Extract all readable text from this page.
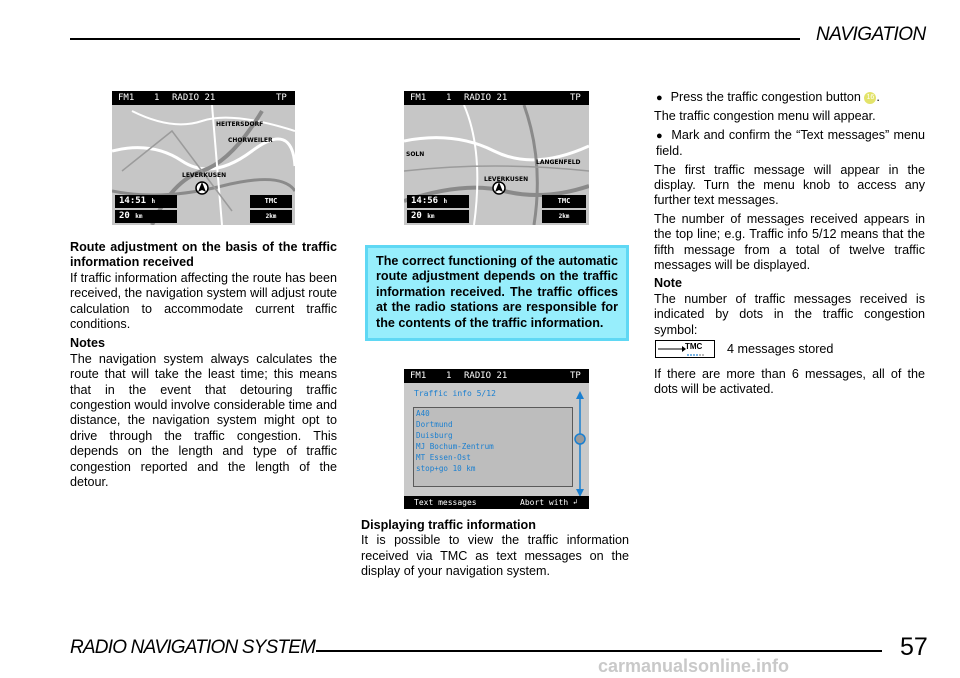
NAVIGATION
FM1 1 RADIO 21	TP
HEITERSDORF
CHORWEILER
LEVERKUSEN
14:51 h
20 km
TMC
2km
FM1 1 RADIO 21	TP
SOLN
LANGENFELD
LEVERKUSEN
14:56 h
20 km
TMC
2km

Route adjustment on the basis of the traffic information received

If traffic information affecting the route has been received, the navigation system will adjust route calculation to accommodate current traffic conditions.

Notes

The navigation system always calculates the route that will take the least time; this means that in the event that detouring traffic congestion would involve considerable time and distance, the navigation system might opt to drive through the traffic congestion. This depends on the length and type of traffic congestion reported and the length of the detour.

The correct functioning of the automatic route adjustment depends on the traffic information received. The traffic offices at the radio stations are responsible for the contents of the traffic information.
FM1 1 RADIO 21	TP
Traffic info 5/12
A40
Dortmund
Duisburg
MJ Bochum-Zentrum
MT Essen-Ost
stop+go 10 km
Text messages	Abort with ↲

Displaying traffic information

It is possible to view the traffic information received via TMC as text messages on the display of your navigation system.

● Press the traffic congestion button 16 .

The traffic congestion menu will appear.

● Mark and confirm the “Text messages” menu field.

The first traffic message will appear in the display. Turn the menu knob to access any further text messages.

The number of messages received appears in the top line; e.g. Traffic info 5/12 means that the fifth message from a total of twelve traffic messages will be displayed.

Note

The number of traffic messages received is indicated by dots in the traffic congestion symbol:

TMC 4 messages stored

If there are more than 6 messages, all of the dots will be activated.

RADIO NAVIGATION SYSTEM	57
carmanualsonline.info
